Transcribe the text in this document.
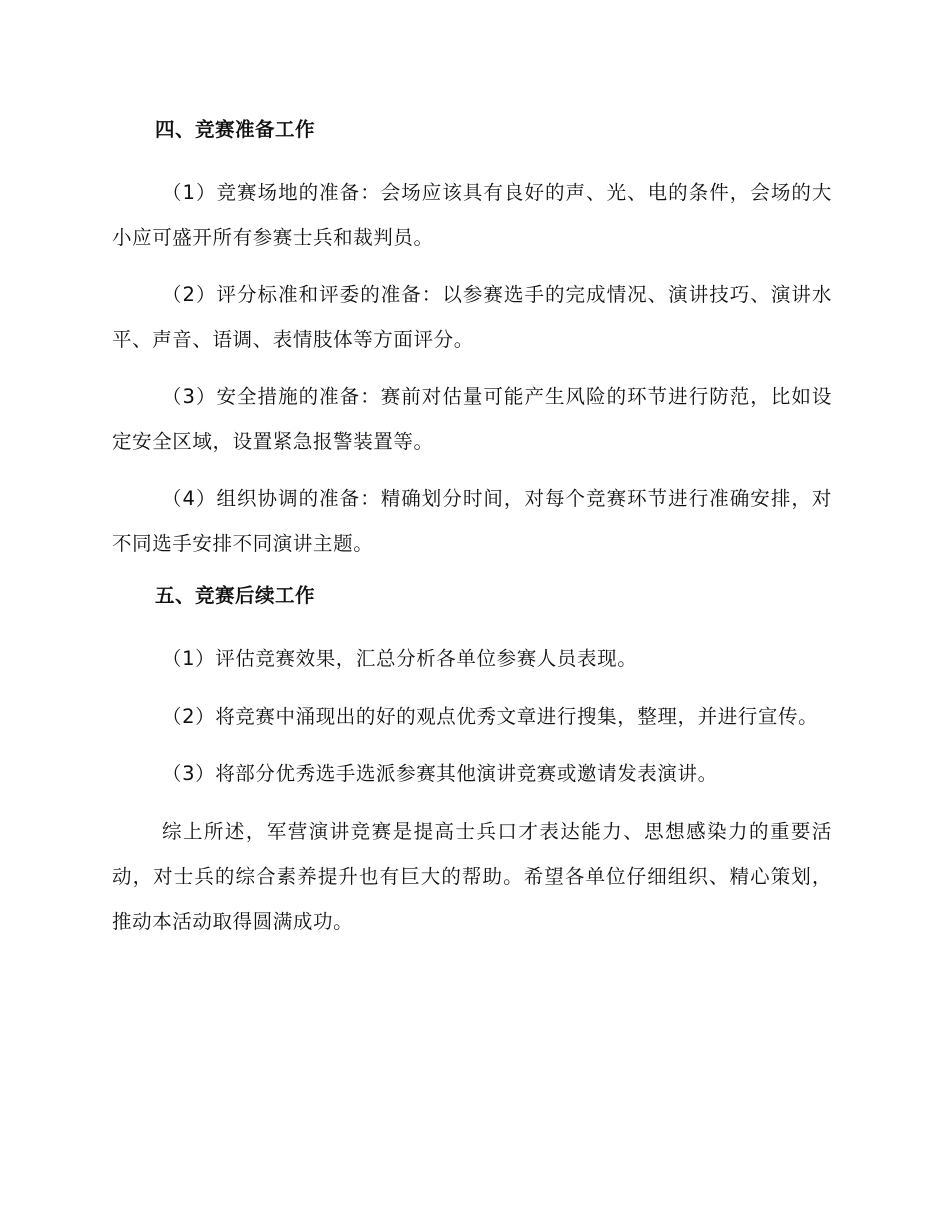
四、竞赛准备工作

（1）竞赛场地的准备：会场应该具有良好的声、光、电的条件，会场的大小应可盛开所有参赛士兵和裁判员。

（2）评分标准和评委的准备：以参赛选手的完成情况、演讲技巧、演讲水平、声音、语调、表情肢体等方面评分。

（3）安全措施的准备：赛前对估量可能产生风险的环节进行防范，比如设定安全区域，设置紧急报警装置等。

（4）组织协调的准备：精确划分时间，对每个竞赛环节进行准确安排，对不同选手安排不同演讲主题。

五、竞赛后续工作

（1）评估竞赛效果，汇总分析各单位参赛人员表现。

（2）将竞赛中涌现出的好的观点优秀文章进行搜集，整理，并进行宣传。

（3）将部分优秀选手选派参赛其他演讲竞赛或邀请发表演讲。

综上所述，军营演讲竞赛是提高士兵口才表达能力、思想感染力的重要活动，对士兵的综合素养提升也有巨大的帮助。希望各单位仔细组织、精心策划，推动本活动取得圆满成功。
